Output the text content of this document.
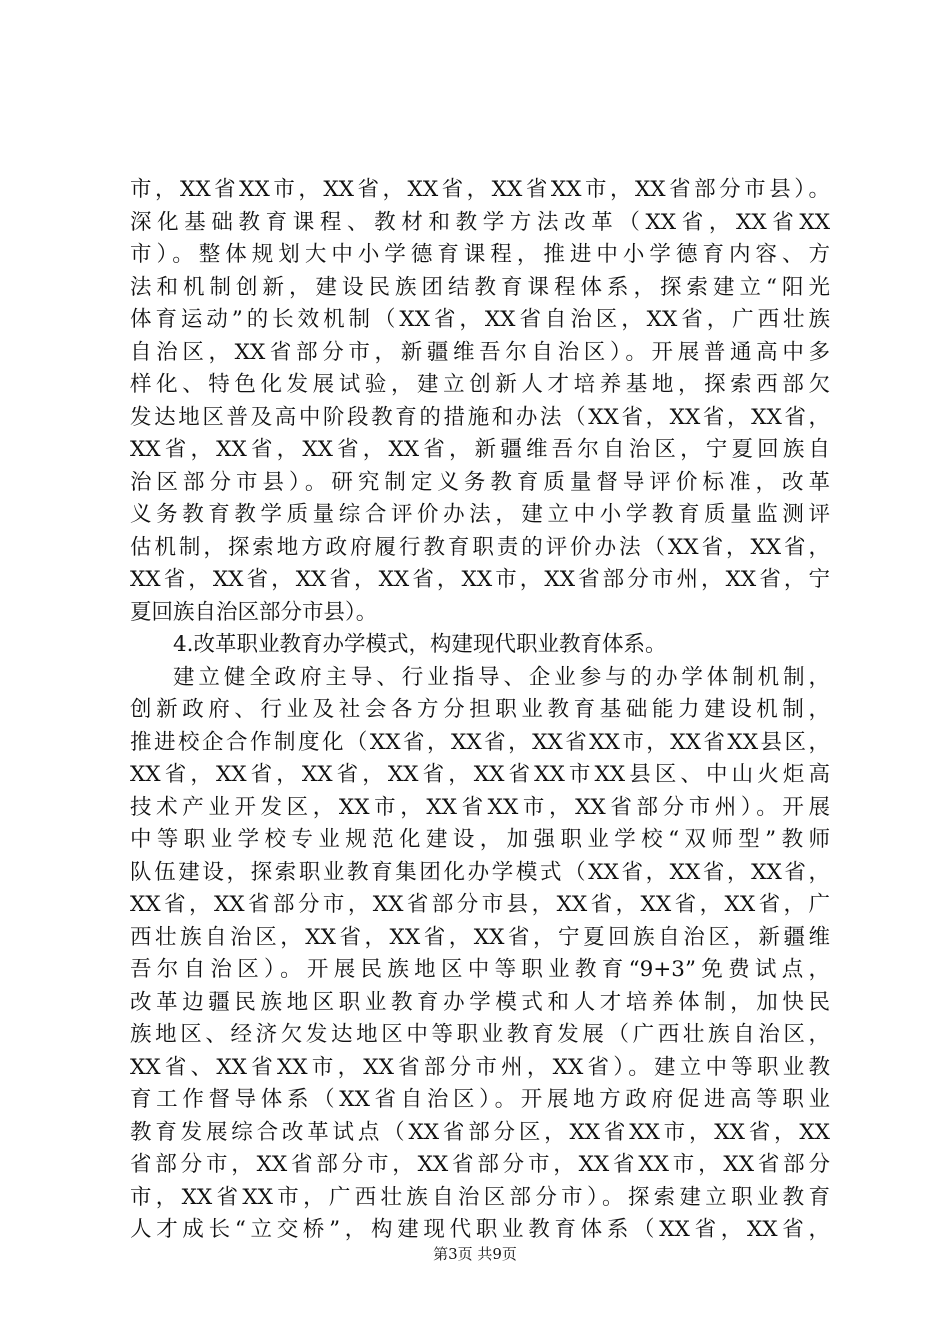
市，XX省XX市，XX省，XX省，XX省XX市，XX省部分市县）。
深化基础教育课程、教材和教学方法改革（XX省，XX省XX
市）。整体规划大中小学德育课程，推进中小学德育内容、方
法和机制创新，建设民族团结教育课程体系，探索建立“阳光
体育运动”的长效机制（XX省，XX省自治区，XX省，广西壮族
自治区，XX省部分市，新疆维吾尔自治区）。开展普通高中多
样化、特色化发展试验，建立创新人才培养基地，探索西部欠
发达地区普及高中阶段教育的措施和办法（XX省，XX省，XX省，
XX省，XX省，XX省，XX省，新疆维吾尔自治区，宁夏回族自
治区部分市县）。研究制定义务教育质量督导评价标准，改革
义务教育教学质量综合评价办法，建立中小学教育质量监测评
估机制，探索地方政府履行教育职责的评价办法（XX省，XX省，
XX省，XX省，XX省，XX省，XX市，XX省部分市州，XX省，宁
夏回族自治区部分市县）。
4.改革职业教育办学模式，构建现代职业教育体系。
建立健全政府主导、行业指导、企业参与的办学体制机制，
创新政府、行业及社会各方分担职业教育基础能力建设机制，
推进校企合作制度化（XX省，XX省，XX省XX市，XX省XX县区，
XX省，XX省，XX省，XX省，XX省XX市XX县区、中山火炬高
技术产业开发区，XX市，XX省XX市，XX省部分市州）。开展
中等职业学校专业规范化建设，加强职业学校“双师型”教师
队伍建设，探索职业教育集团化办学模式（XX省，XX省，XX省，
XX省，XX省部分市，XX省部分市县，XX省，XX省，XX省，广
西壮族自治区，XX省，XX省，XX省，宁夏回族自治区，新疆维
吾尔自治区）。开展民族地区中等职业教育“9+3”免费试点，
改革边疆民族地区职业教育办学模式和人才培养体制，加快民
族地区、经济欠发达地区中等职业教育发展（广西壮族自治区，
XX省、XX省XX市，XX省部分市州，XX省）。建立中等职业教
育工作督导体系（XX省自治区）。开展地方政府促进高等职业
教育发展综合改革试点（XX省部分区，XX省XX市，XX省，XX
省部分市，XX省部分市，XX省部分市，XX省XX市，XX省部分
市，XX省XX市，广西壮族自治区部分市）。探索建立职业教育
人才成长“立交桥”，构建现代职业教育体系（XX省，XX省，
第3页 共9页
